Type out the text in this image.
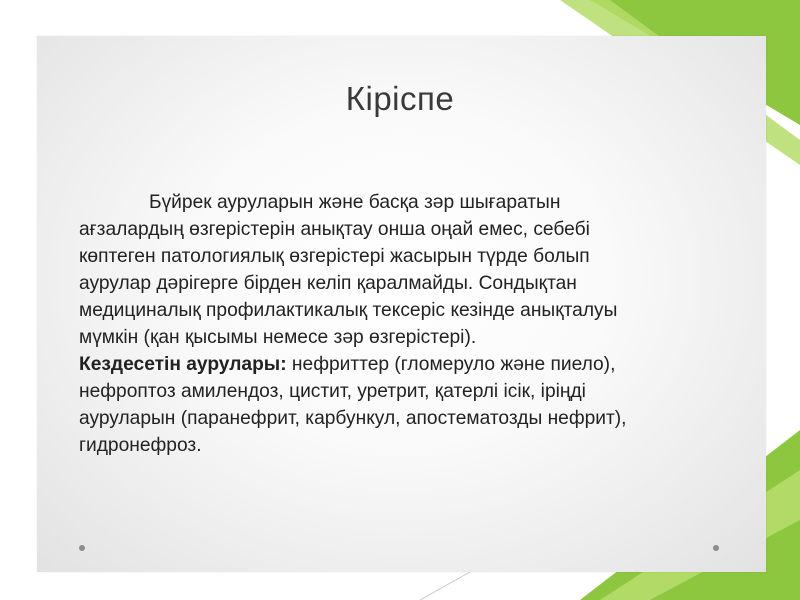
Кіріспе
Бүйрек ауруларын және басқа зәр шығаратын
ағзалардың өзгерістерін анықтау онша оңай емес, себебі
көптеген патологиялық өзгерістері жасырын түрде болып
аурулар дәрігерге бірден келіп қаралмайды. Сондықтан
медициналық профилактикалық тексеріс кезінде анықталуы
мүмкін (қан қысымы немесе зәр өзгерістері).
Кездесетін аурулары: нефриттер (гломеруло және пиело),
нефроптоз амилендоз, цистит, уретрит, қатерлі ісік, іріңді
ауруларын (паранефрит, карбункул, апостематозды нефрит),
гидронефроз.
